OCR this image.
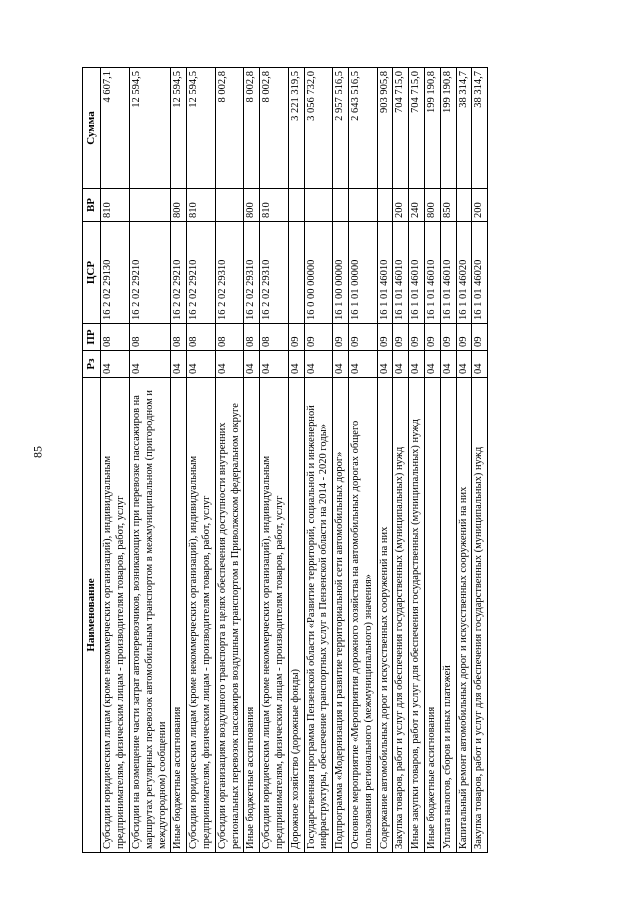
85
Наименование	Рз	ПР	ЦСР	ВР	Сумма
Субсидии юридическим лицам (кроме некоммерческих организаций), индивидуальным предпринимателям, физическим лицам - производителям товаров, работ, услуг	04	08	16 2 02 29130	810	4 607,1
Субсидии на возмещение части затрат автоперевозчиков, возникающих при перевозке пассажиров на маршрутах регулярных перевозок автомобильным транспортом в межмуниципальном (пригородном и междугородном) сообщении	04	08	16 2 02 29210		12 594,5
Иные бюджетные ассигнования	04	08	16 2 02 29210	800	12 594,5
Субсидии юридическим лицам (кроме некоммерческих организаций), индивидуальным предпринимателям, физическим лицам - производителям товаров, работ, услуг	04	08	16 2 02 29210	810	12 594,5
Субсидии организациям воздушного транспорта в целях обеспечения доступности внутренних региональных перевозок пассажиров воздушным транспортом в Приволжском федеральном округе	04	08	16 2 02 29310		8 002,8
Иные бюджетные ассигнования	04	08	16 2 02 29310	800	8 002,8
Субсидии юридическим лицам (кроме некоммерческих организаций), индивидуальным предпринимателям, физическим лицам - производителям товаров, работ, услуг	04	08	16 2 02 29310	810	8 002,8
Дорожное хозяйство (дорожные фонды)	04	09			3 221 319,5
Государственная программа Пензенской области «Развитие территорий, социальной и инженерной инфраструктуры, обеспечение транспортных услуг в Пензенской области на 2014 - 2020 годы»	04	09	16 0 00 00000		3 056 732,0
Подпрограмма «Модернизация и развитие территориальной сети автомобильных дорог»	04	09	16 1 00 00000		2 957 516,5
Основное мероприятие «Мероприятия дорожного хозяйства на автомобильных дорогах общего пользования регионального (межмуниципального) значения»	04	09	16 1 01 00000		2 643 516,5
Содержание автомобильных дорог и искусственных сооружений на них	04	09	16 1 01 46010		903 905,8
Закупка товаров, работ и услуг для обеспечения государственных (муниципальных) нужд	04	09	16 1 01 46010	200	704 715,0
Иные закупки товаров, работ и услуг для обеспечения государственных (муниципальных) нужд	04	09	16 1 01 46010	240	704 715,0
Иные бюджетные ассигнования	04	09	16 1 01 46010	800	199 190,8
Уплата налогов, сборов и иных платежей	04	09	16 1 01 46010	850	199 190,8
Капитальный ремонт автомобильных дорог и искусственных сооружений на них	04	09	16 1 01 46020		38 314,7
Закупка товаров, работ и услуг для обеспечения государственных (муниципальных) нужд	04	09	16 1 01 46020	200	38 314,7
